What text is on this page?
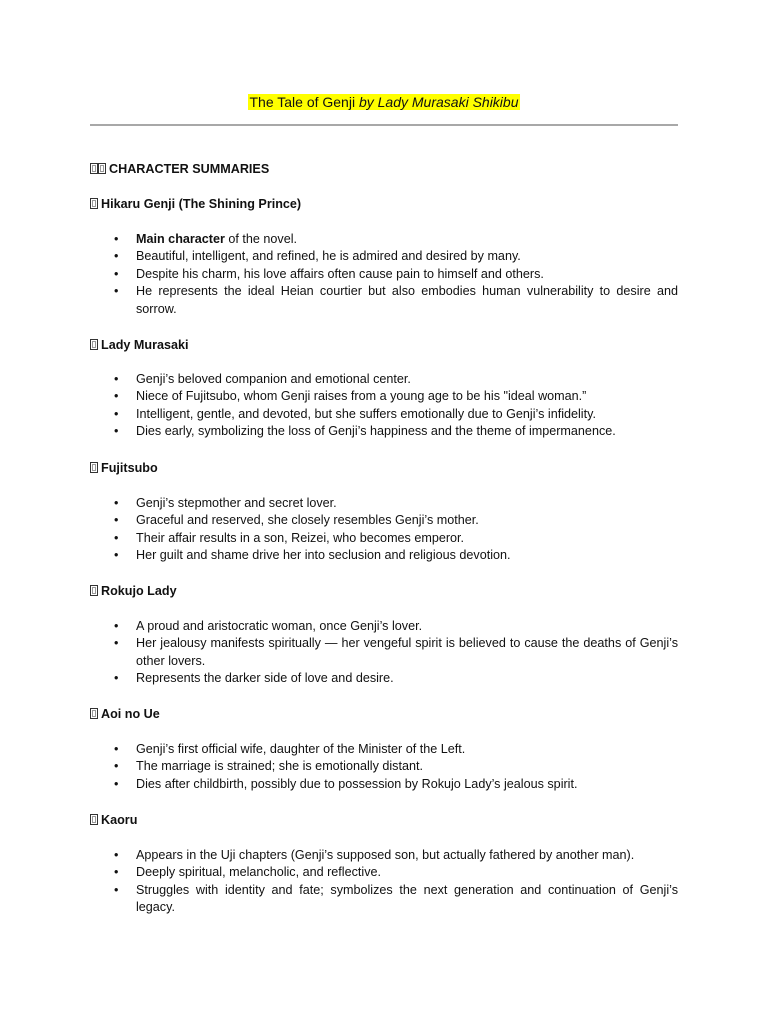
The Tale of Genji by Lady Murasaki Shikibu
CHARACTER SUMMARIES
Hikaru Genji (The Shining Prince)
• Main character of the novel.
• Beautiful, intelligent, and refined, he is admired and desired by many.
• Despite his charm, his love affairs often cause pain to himself and others.
• He represents the ideal Heian courtier but also embodies human vulnerability to desire and sorrow.
Lady Murasaki
• Genji’s beloved companion and emotional center.
• Niece of Fujitsubo, whom Genji raises from a young age to be his "ideal woman.”
• Intelligent, gentle, and devoted, but she suffers emotionally due to Genji’s infidelity.
• Dies early, symbolizing the loss of Genji’s happiness and the theme of impermanence.
Fujitsubo
• Genji’s stepmother and secret lover.
• Graceful and reserved, she closely resembles Genji’s mother.
• Their affair results in a son, Reizei, who becomes emperor.
• Her guilt and shame drive her into seclusion and religious devotion.
Rokujo Lady
• A proud and aristocratic woman, once Genji’s lover.
• Her jealousy manifests spiritually — her vengeful spirit is believed to cause the deaths of Genji’s other lovers.
• Represents the darker side of love and desire.
Aoi no Ue
• Genji’s first official wife, daughter of the Minister of the Left.
• The marriage is strained; she is emotionally distant.
• Dies after childbirth, possibly due to possession by Rokujo Lady’s jealous spirit.
Kaoru
• Appears in the Uji chapters (Genji’s supposed son, but actually fathered by another man).
• Deeply spiritual, melancholic, and reflective.
• Struggles with identity and fate; symbolizes the next generation and continuation of Genji’s legacy.
